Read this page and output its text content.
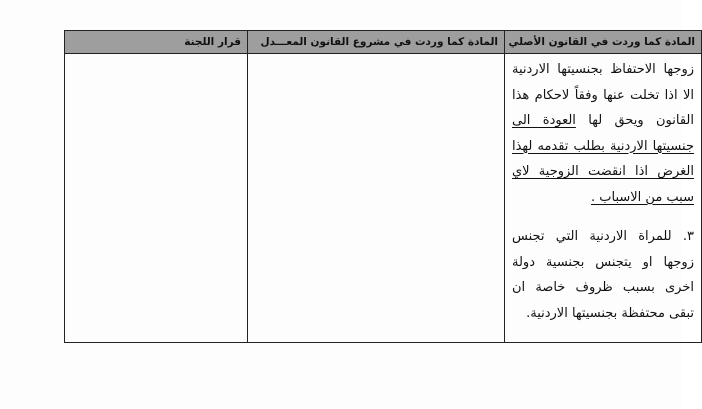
المادة كما وردت في القانون الأصلي	المادة كما وردت في مشروع القانون المعـــدل	قرار اللجنة

زوجها الاحتفاظ بجنسيتها الاردنية الا اذا تخلت عنها وفقاً لاحكام هذا القانون ويحق لها العودة الى جنسيتها الاردنية بطلب تقدمه لهذا الغرض اذا انقضت الزوجية لاي سبب من الاسباب .

٣. للمراة الاردنية التي تجنس زوجها او يتجنس بجنسية دولة اخرى بسبب ظروف خاصة ان تبقى محتفظة بجنسيتها الاردنية.		
